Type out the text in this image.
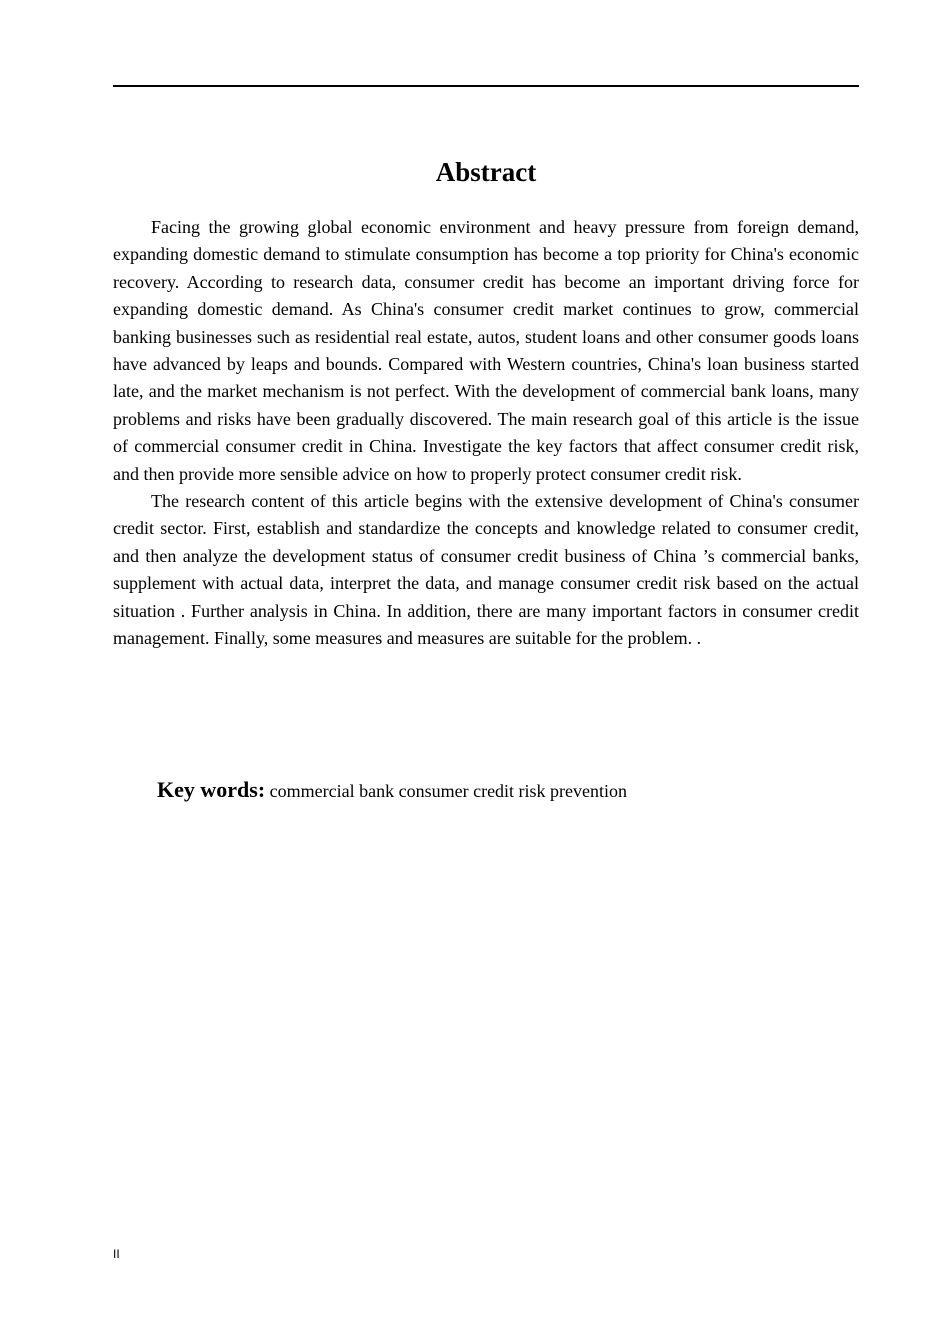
Abstract

Facing the growing global economic environment and heavy pressure from foreign demand, expanding domestic demand to stimulate consumption has become a top priority for China's economic recovery. According to research data, consumer credit has become an important driving force for expanding domestic demand. As China's consumer credit market continues to grow, commercial banking businesses such as residential real estate, autos, student loans and other consumer goods loans have advanced by leaps and bounds. Compared with Western countries, China's loan business started late, and the market mechanism is not perfect. With the development of commercial bank loans, many problems and risks have been gradually discovered. The main research goal of this article is the issue of commercial consumer credit in China. Investigate the key factors that affect consumer credit risk, and then provide more sensible advice on how to properly protect consumer credit risk.

The research content of this article begins with the extensive development of China's consumer credit sector. First, establish and standardize the concepts and knowledge related to consumer credit, and then analyze the development status of consumer credit business of China ’s commercial banks, supplement with actual data, interpret the data, and manage consumer credit risk based on the actual situation . Further analysis in China. In addition, there are many important factors in consumer credit management. Finally, some measures and measures are suitable for the problem. .

Key words: commercial bank consumer credit risk prevention
II
